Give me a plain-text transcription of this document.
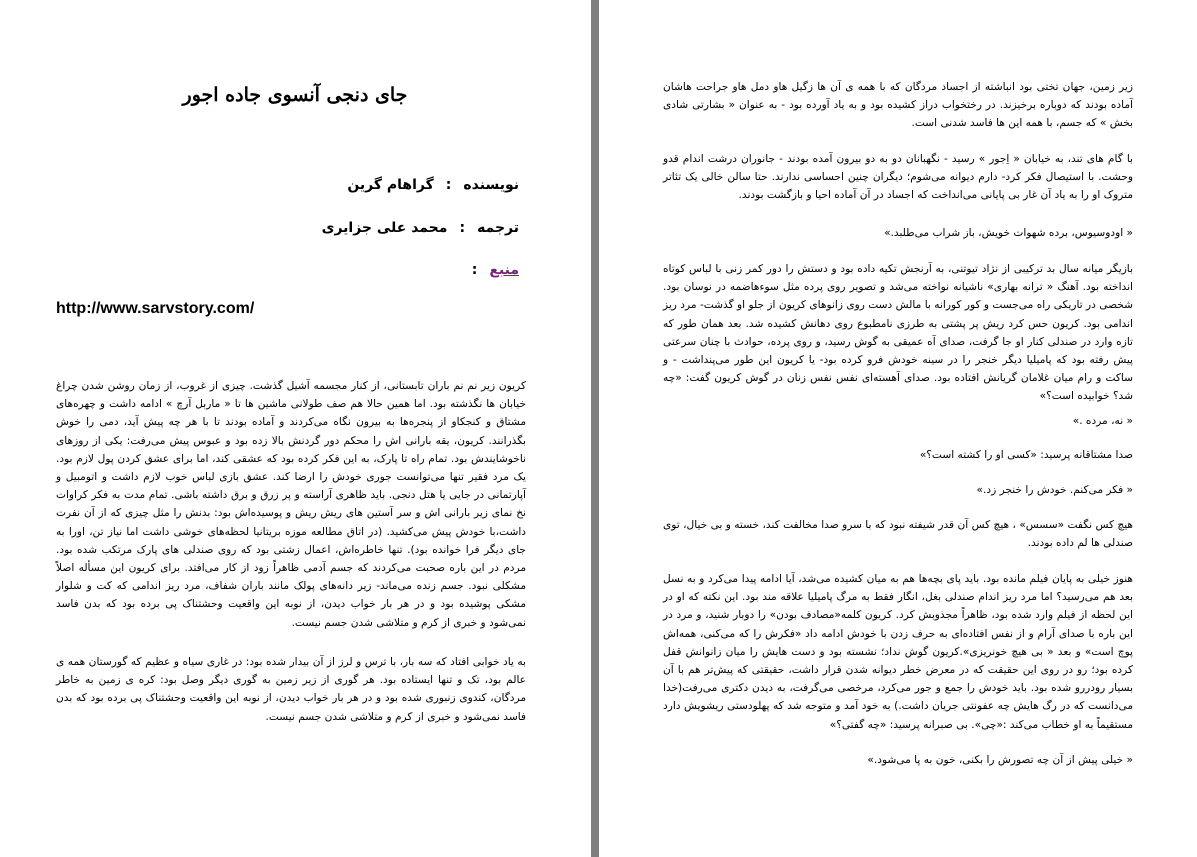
جای دنجی آنسوی جاده اجور
نویسنده:گراهام گرین
ترجمه:محمد علی جزایری
منبع:
http://www.sarvstory.com/

کریون زیر نم نم باران تابستانی، از کنار مجسمه آشیل گذشت. چیزی از غروب، از زمان روشن شدن چراغ خیابان ها نگذشته بود. اما همین حالا هم صف طولانی ماشین ها تا « ماربل آرچ » ادامه داشت و چهره‌های مشتاق و کنجکاو از پنجره‌ها به بیرون نگاه می‌کردند و آماده بودند تا با هر چه پیش آید، دمی را خوش بگذرانند. کریون، یقه بارانی اش را محکم دور گردنش بالا زده بود و عبوس پیش می‌رفت: یکی از روزهای ناخوشایندش بود. تمام راه تا پارک، به این فکر کرده بود که عشقی کند، اما برای عشق کردن پول لازم بود. یک مرد فقیر تنها می‌توانست جوری خودش را ارضا کند. عشق بازی لباس خوب لازم داشت و اتومبیل و آپارتمانی در جایی یا هتل دنجی. باید ظاهری آراسته و پر زرق و برق داشته باشی. تمام مدت به فکر کراوات نخ نمای زیر بارانی اش و سر آستین های ریش ریش و پوسیده‌اش بود: بدنش را مثل چیزی که از آن نفرت داشت،با خودش پیش می‌کشید. (در اتاق مطالعه موزه بریتانیا لحظه‌های خوشی داشت اما نیاز تن، اورا به جای دیگر فرا خوانده بود). تنها خاطره‌اش، اعمال زشتی بود که روی صندلی های پارک مرتکب شده بود. مردم در این باره صحبت می‌کردند که جسم آدمی ظاهراً زود از کار می‌افتد. برای کریون این مسأله اصلاً مشکلی نبود. جسم زنده می‌ماند- زیر دانه‌های پولک مانند باران شفاف، مرد ریز اندامی که کت و شلوار مشکی پوشیده بود و در هر بار خواب دیدن، از نوبه این واقعیت وحشتناک پی برده بود که بدن فاسد نمی‌شود و خبری از کرم و متلاشی شدن جسم نیست.

به یاد خوابی افتاد که سه بار، با ترس و لرز از آن بیدار شده بود: در غاری سیاه و عظیم که گورستان همه ی عالم بود، تک و تنها ایستاده بود. هر گوری از زیر زمین به گوری دیگر وصل بود: کره ی زمین به خاطر مردگان، کندوی زنبوری شده بود و در هر بار خواب دیدن، از نوبه این واقعیت وحشتناک پی برده بود که بدن فاسد نمی‌شود و خبری از کرم و متلاشی شدن جسم نیست.

زیر زمین، جهان تختی بود انباشته از اجساد مردگان که با همه ی آن ها زگیل هاو دمل هاو جراحت هاشان آماده بودند که دوباره برخیزند. در رختخواب دراز کشیده بود و به یاد آورده بود - به عنوان « بشارتی شادی بخش » که جسم، با همه این ها فاسد شدنی است.

با گام های تند، به خیابان « اِجور » رسید - نگهبانان دو به دو بیرون آمده بودند - جانوران درشت اندام قدو وحشت. با استیصال فکر کرد- دارم دیوانه می‌شوم؛ دیگران چنین احساسی ندارند. حتا سالن خالی یک تئاتر متروک او را به یاد آن غار بی پایانی می‌انداخت که اجساد در آن آماده احیا و بازگشت بودند.

« اودوسیوس، برده شهوات خویش، باز شراب می‌طلبد.»

بازیگر میانه سال بد ترکیبی از نژاد تیوتنی، به آرنجش تکیه داده بود و دستش را دور کمر زنی با لباس کوتاه انداخته بود. آهنگ « ترانه بهاری» ناشیانه نواخته می‌شد و تصویر روی پرده مثل سوءهاضمه در نوسان بود. شخصی در تاریکی راه می‌جست و کور کورانه با مالش دست روی زانوهای کریون از جلو او گذشت- مرد ریز اندامی بود. کریون حس کرد ریش پر پشتی به طرزی نامطبوع روی دهانش کشیده شد. بعد همان طور که تازه وارد در صندلی کنار او جا گرفت، صدای آه عمیقی به گوش رسید، و روی پرده، حوادث با چنان سرعتی پیش رفته بود که پامیلیا دیگر خنجر را در سینه خودش فرو کرده بود- یا کریون این طور می‌پنداشت - و ساکت و رام میان غلامان گریانش افتاده بود. صدای آهسته‌ای نفس نفس زنان در گوش کریون گفت: «چه شد؟ خوابیده است؟»

« نه، مرده .»

صدا مشتاقانه پرسید: «کسی او را کشته است؟»

« فکر می‌کنم. خودش را خنجر زد.»

هیچ کس نگفت «سسس» ، هیچ کس آن قدر شیفته نبود که با سرو صدا مخالفت کند، خسته و بی خیال، توی صندلی ها لم داده بودند.

هنوز خیلی به پایان فیلم مانده بود. باید پای بچه‌ها هم به میان کشیده می‌شد، آیا ادامه پیدا می‌کرد و به نسل بعد هم می‌رسید؟ اما مرد ریز اندام صندلی بغل، انگار فقط به مرگ پامیلیا علاقه مند بود. این نکته که او در این لحظه از فیلم وارد شده بود، ظاهراً مجذوبش کرد. کریون کلمه«مصادف بودن» را دوبار شنید، و مرد در این باره با صدای آرام و از نفس افتاده‌ای به حرف زدن با خودش ادامه داد «فکرش را که می‌کنی، همه‌اش پوچ است» و بعد « بی هیچ خونریزی».کریون گوش نداد؛ نشسته بود و دست هایش را میان زانوانش قفل کرده بود؛ رو در روی این حقیقت که در معرض خطر دیوانه شدن قرار داشت، حقیقتی که پیش‌تر هم با آن بسیار رودررو شده بود. باید خودش را جمع و جور می‌کرد، مرخصی می‌گرفت، به دیدن دکتری می‌رفت(خدا می‌دانست که در رگ هایش چه عفونتی جریان داشت.) به خود آمد و متوجه شد که پهلودستی ریشویش دارد مستقیماً به او خطاب می‌کند :«چی». بی صبرانه پرسید: «چه گفتی؟»

« خیلی پیش از آن چه تصورش را بکنی، خون به پا می‌شود.»
